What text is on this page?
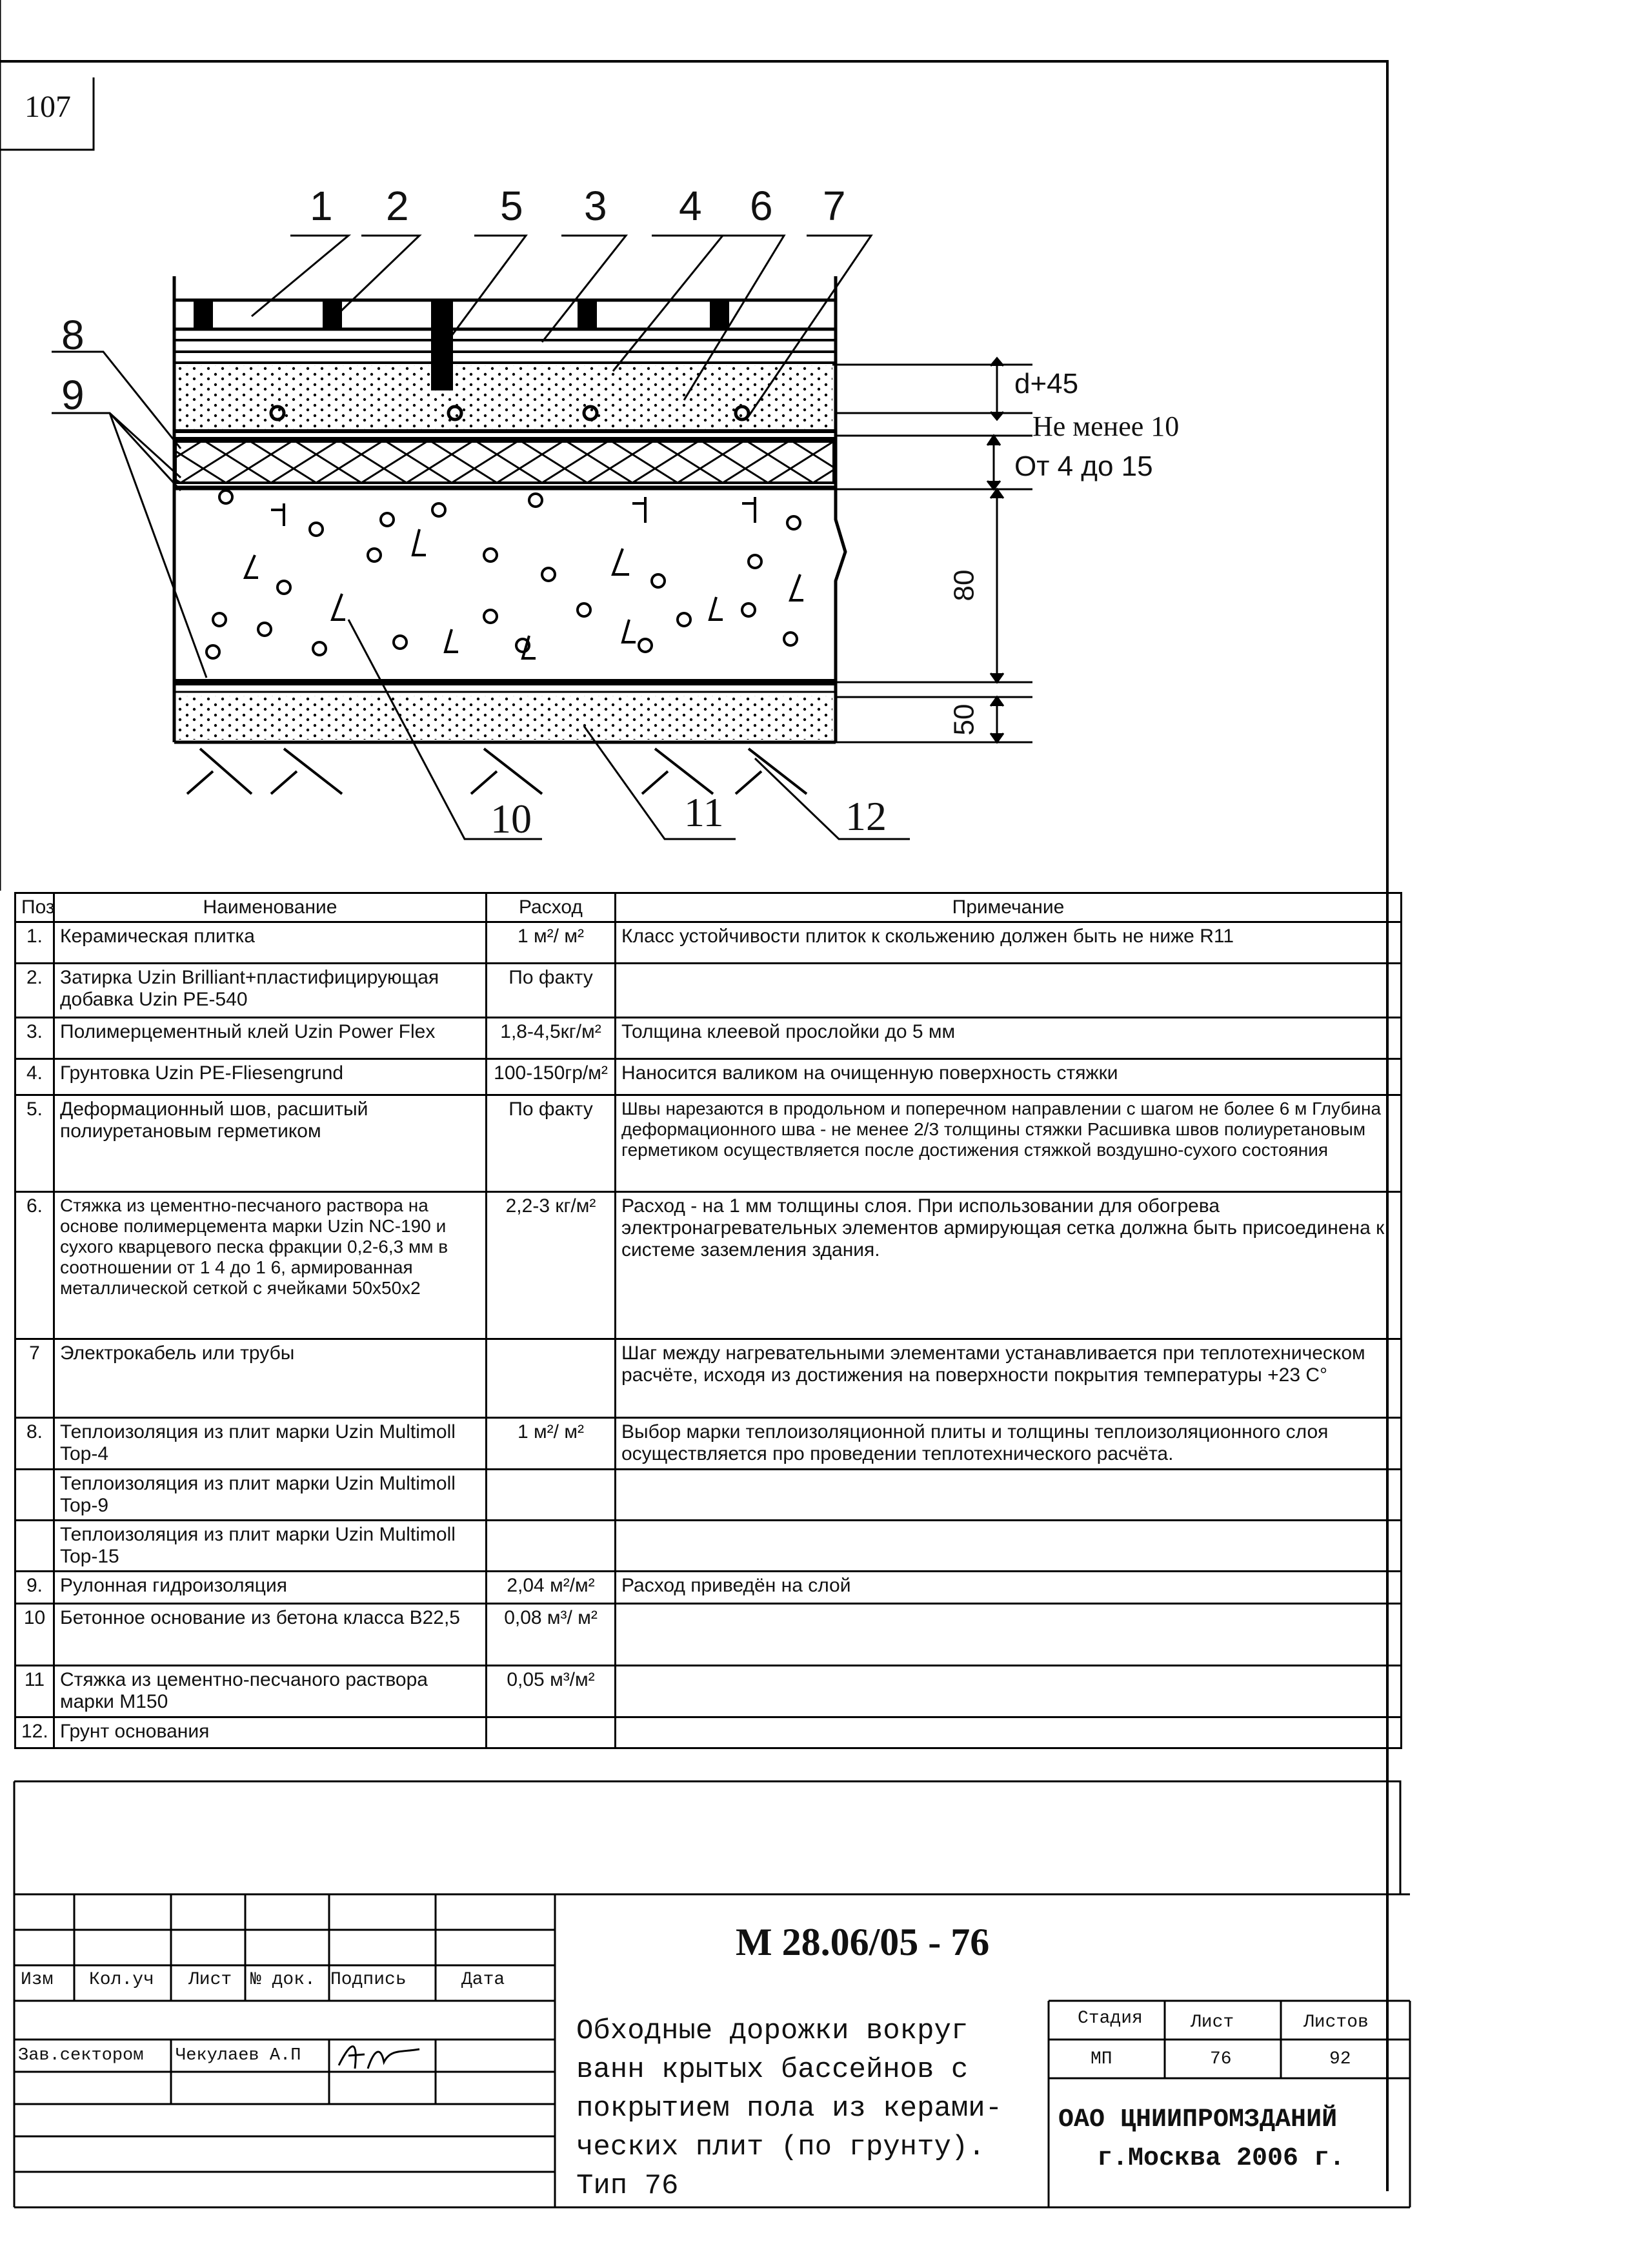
107
1 2 5 3 4 6 7
8
9
10	11	12
d+45
Не менее 10
От 4 до 15
80
50
Поз	Наименование	Расход	Примечание
1.	Керамическая плитка	1 м²/ м²	Класс устойчивости плиток к скольжению должен быть не ниже R11
2.	Затирка Uzin Brilliant+пластифицирующая добавка Uzin PE-540	По факту	
3.	Полимерцементный клей Uzin Power Flex	1,8-4,5кг/м²	Толщина клеевой прослойки до 5 мм
4.	Грунтовка Uzin PE-Fliesengrund	100-150гр/м²	Наносится валиком на очищенную поверхность стяжки
5.	Деформационный шов, расшитый полиуретановым герметиком	По факту	Швы нарезаются в продольном и поперечном направлении с шагом не более 6 м Глубина деформационного шва - не менее 2/3 толщины стяжки Расшивка швов полиуретановым герметиком осуществляется после достижения стяжкой воздушно-сухого состояния
6.	Стяжка из цементно-песчаного раствора на основе полимерцемента марки Uzin NC-190 и сухого кварцевого песка фракции 0,2-6,3 мм в соотношении от 1 4 до 1 6, армированная металлической сеткой с ячейками 50х50х2	2,2-3 кг/м²	Расход - на 1 мм толщины слоя. При использовании для обогрева электронагревательных элементов армирующая сетка должна быть присоединена к системе заземления здания.
7	Электрокабель или трубы		Шаг между нагревательными элементами устанавливается при теплотехническом расчёте, исходя из достижения на поверхности покрытия температуры +23 С°
8.	Теплоизоляция из плит марки Uzin Multimoll Top-4	1 м²/ м²	Выбор марки теплоизоляционной плиты и толщины теплоизоляционного слоя осуществляется про проведении теплотехнического расчёта.
	Теплоизоляция из плит марки Uzin Multimoll Top-9		
	Теплоизоляция из плит марки Uzin Multimoll Top-15		
9.	Рулонная гидроизоляция	2,04 м²/м²	Расход приведён на слой
10	Бетонное основание из бетона класса В22,5	0,08 м³/ м²	
11	Стяжка из цементно-песчаного раствора марки М150	0,05 м³/м²	
12.	Грунт основания		
М 28.06/05 - 76
Изм Кол.уч Лист № док. Подпись	Дата
Зав.сектором Чекулаев А.П
Обходные дорожки вокруг
ванн крытых бассейнов с
покрытием пола из керами-
ческих плит (по грунту).
Тип 76
Стадия	Лист	Листов
МП	76	92
ОАО ЦНИИПРОМЗДАНИЙ
г.Москва 2006 г.
